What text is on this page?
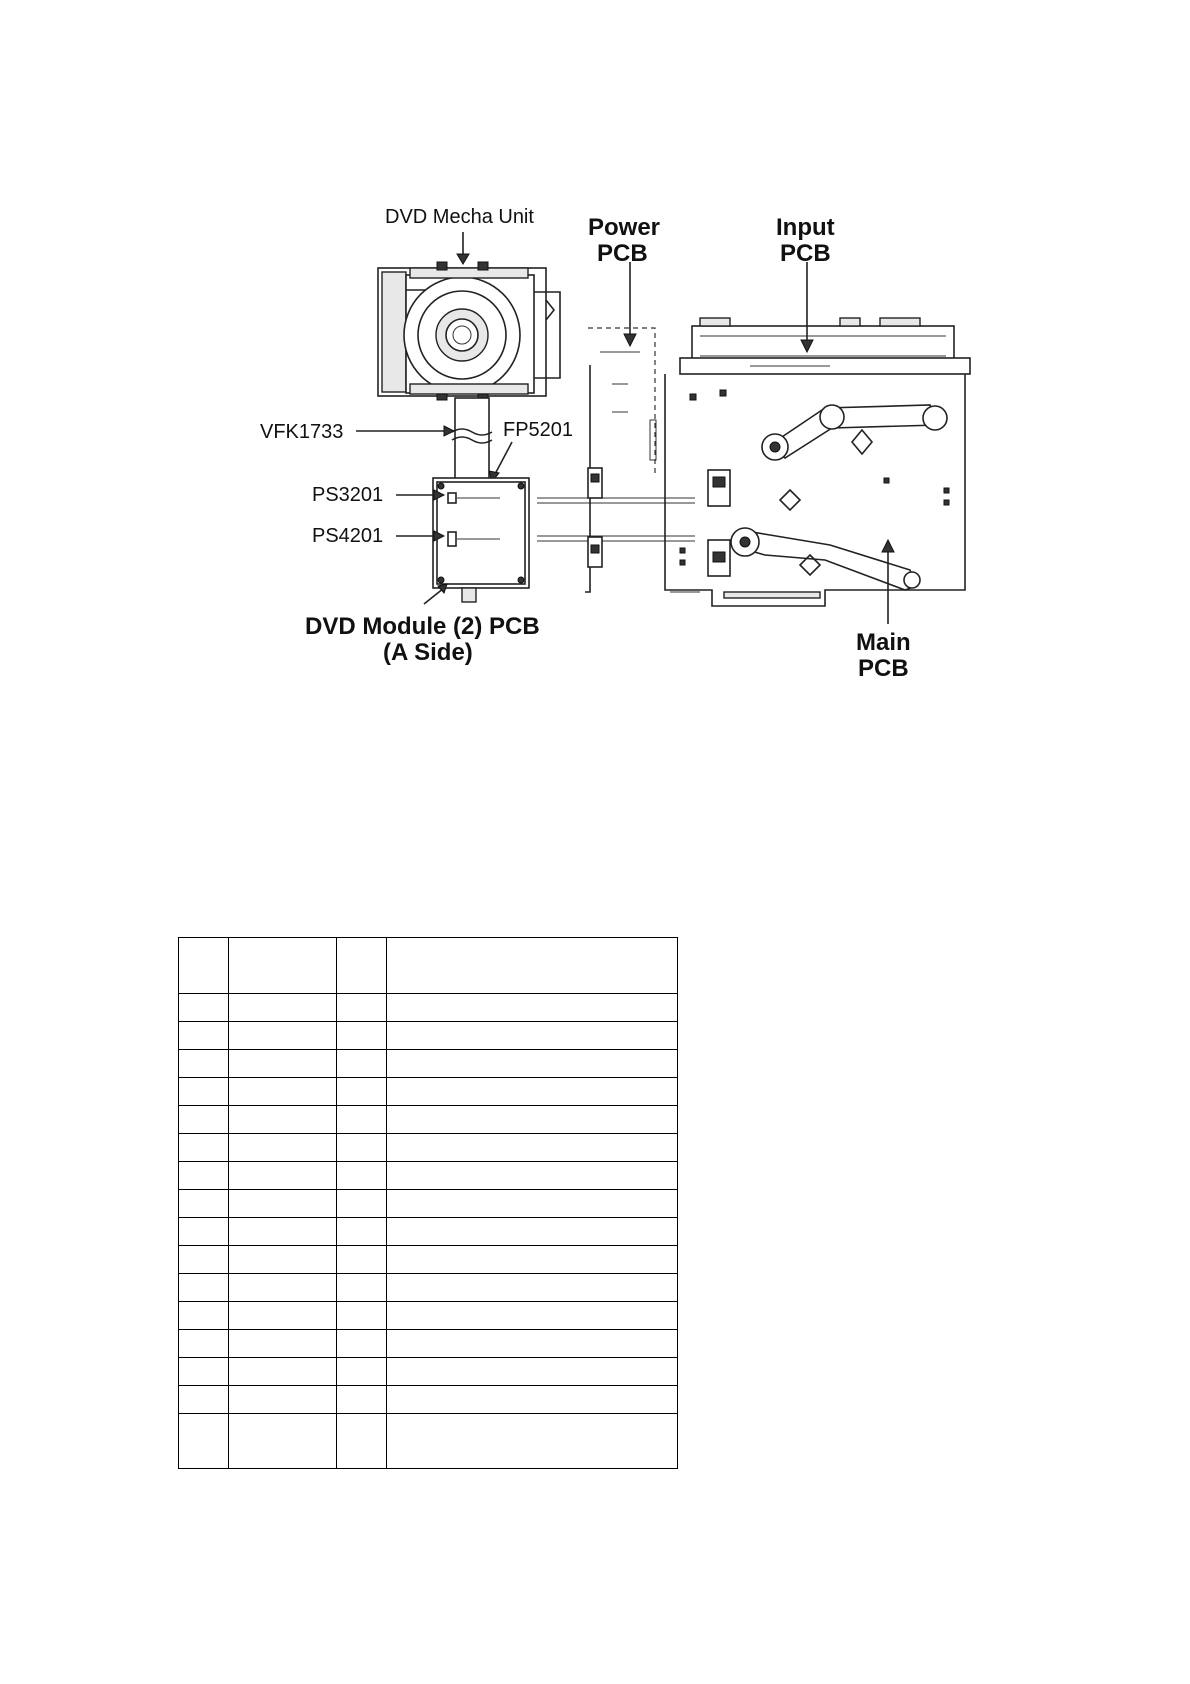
DVD Mecha Unit
VFK1733	FP5201
PS3201
PS4201
DVD Module (2) PCB
(A Side)
Power
PCB
Input
PCB
Main
PCB
